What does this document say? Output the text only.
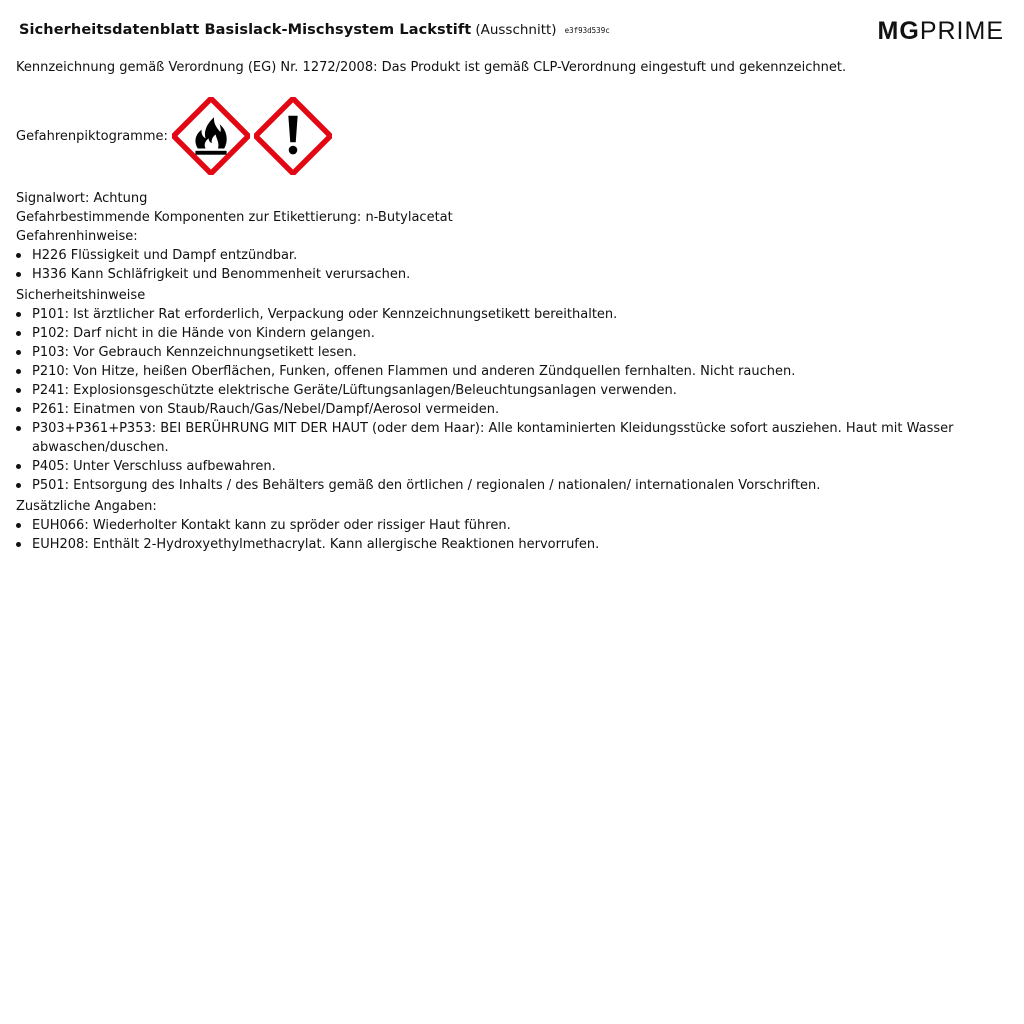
Sicherheitsdatenblatt Basislack-Mischsystem Lackstift (Ausschnitt) e3f93d539c	MGPRIME

Kennzeichnung gemäß Verordnung (EG) Nr. 1272/2008: Das Produkt ist gemäß CLP-Verordnung eingestuft und gekennzeichnet.

Gefahrenpiktogramme:

Signalwort: Achtung

Gefahrbestimmende Komponenten zur Etikettierung: n-Butylacetat

Gefahrenhinweise:

H226 Flüssigkeit und Dampf entzündbar.
H336 Kann Schläfrigkeit und Benommenheit verursachen.

Sicherheitshinweise

P101: Ist ärztlicher Rat erforderlich, Verpackung oder Kennzeichnungsetikett bereithalten.
P102: Darf nicht in die Hände von Kindern gelangen.
P103: Vor Gebrauch Kennzeichnungsetikett lesen.
P210: Von Hitze, heißen Oberflächen, Funken, offenen Flammen und anderen Zündquellen fernhalten. Nicht rauchen.
P241: Explosionsgeschützte elektrische Geräte/Lüftungsanlagen/Beleuchtungsanlagen verwenden.
P261: Einatmen von Staub/Rauch/Gas/Nebel/Dampf/Aerosol vermeiden.
P303+P361+P353: BEI BERÜHRUNG MIT DER HAUT (oder dem Haar): Alle kontaminierten Kleidungsstücke sofort ausziehen. Haut mit Wasser
abwaschen/duschen.
P405: Unter Verschluss aufbewahren.
P501: Entsorgung des Inhalts / des Behälters gemäß den örtlichen / regionalen / nationalen/ internationalen Vorschriften.

Zusätzliche Angaben:

EUH066: Wiederholter Kontakt kann zu spröder oder rissiger Haut führen.
EUH208: Enthält 2-Hydroxyethylmethacrylat. Kann allergische Reaktionen hervorrufen.
